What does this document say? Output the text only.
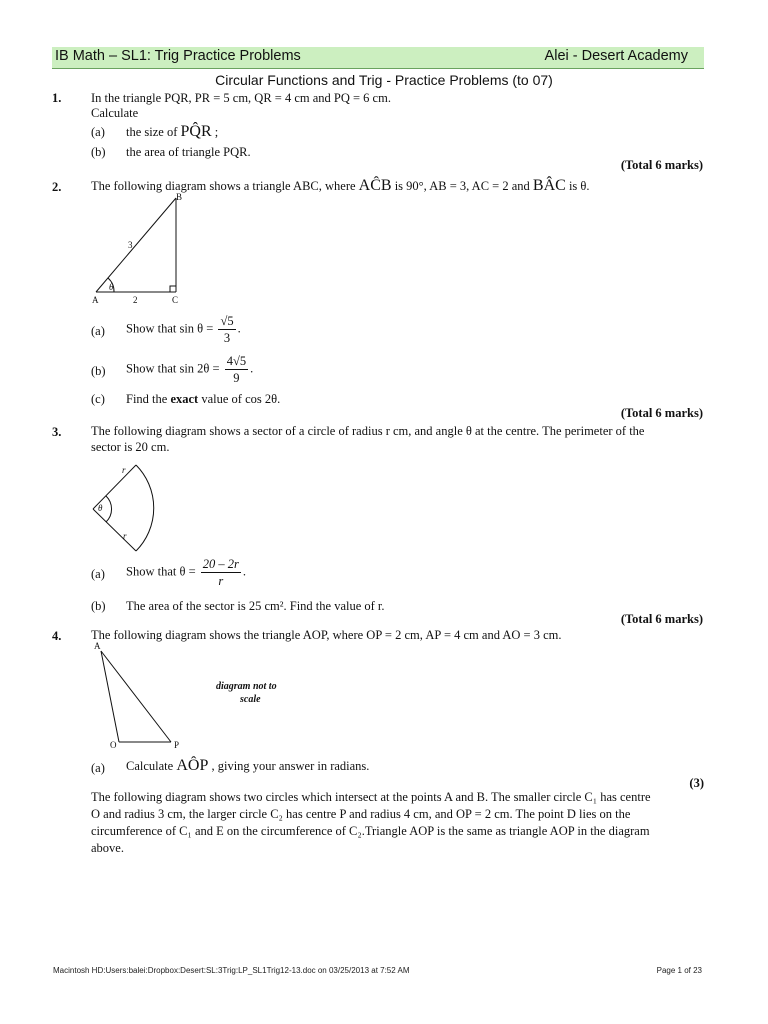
IB Math – SL1: Trig Practice Problems	Alei - Desert Academy
Circular Functions and Trig - Practice Problems (to 07)
1. In the triangle PQR, PR = 5 cm, QR = 4 cm and PQ = 6 cm.
Calculate
(a) the size of PQ̂R ;
(b) the area of triangle PQR.
(Total 6 marks)
2. The following diagram shows a triangle ABC, where AĈB is 90°, AB = 3, AC = 2 and BÂC is θ.
B
A	C
3
2
θ
(a) Show that $\sin \theta = \frac{√5}{3}$ .
(b) Show that $\sin 2\theta = \frac{4√5}{9}$ .
(c) Find the exact value of cos 2θ.
(Total 6 marks)
3. The following diagram shows a sector of a circle of radius r cm, and angle θ at the centre. The perimeter of the
sector is 20 cm.
r
r
θ
(a) Show that $\theta = \frac{20 - 2r}{r}$ .
(b) The area of the sector is 25 cm². Find the value of r.
(Total 6 marks)
4. The following diagram shows the triangle AOP, where OP = 2 cm, AP = 4 cm and AO = 3 cm.
A
O	P
diagram not to
scale
(a) Calculate AÔP , giving your answer in radians.
(3)
The following diagram shows two circles which intersect at the points A and B. The smaller circle C₁ has centre
O and radius 3 cm, the larger circle C₂ has centre P and radius 4 cm, and OP = 2 cm. The point D lies on the
circumference of C₁ and E on the circumference of C₂.Triangle AOP is the same as triangle AOP in the diagram
above.
Macintosh HD:Users:balei:Dropbox:Desert:SL:3Trig:LP_SL1Trig12-13.doc on 03/25/2013 at 7:52 AM	Page 1 of 23
